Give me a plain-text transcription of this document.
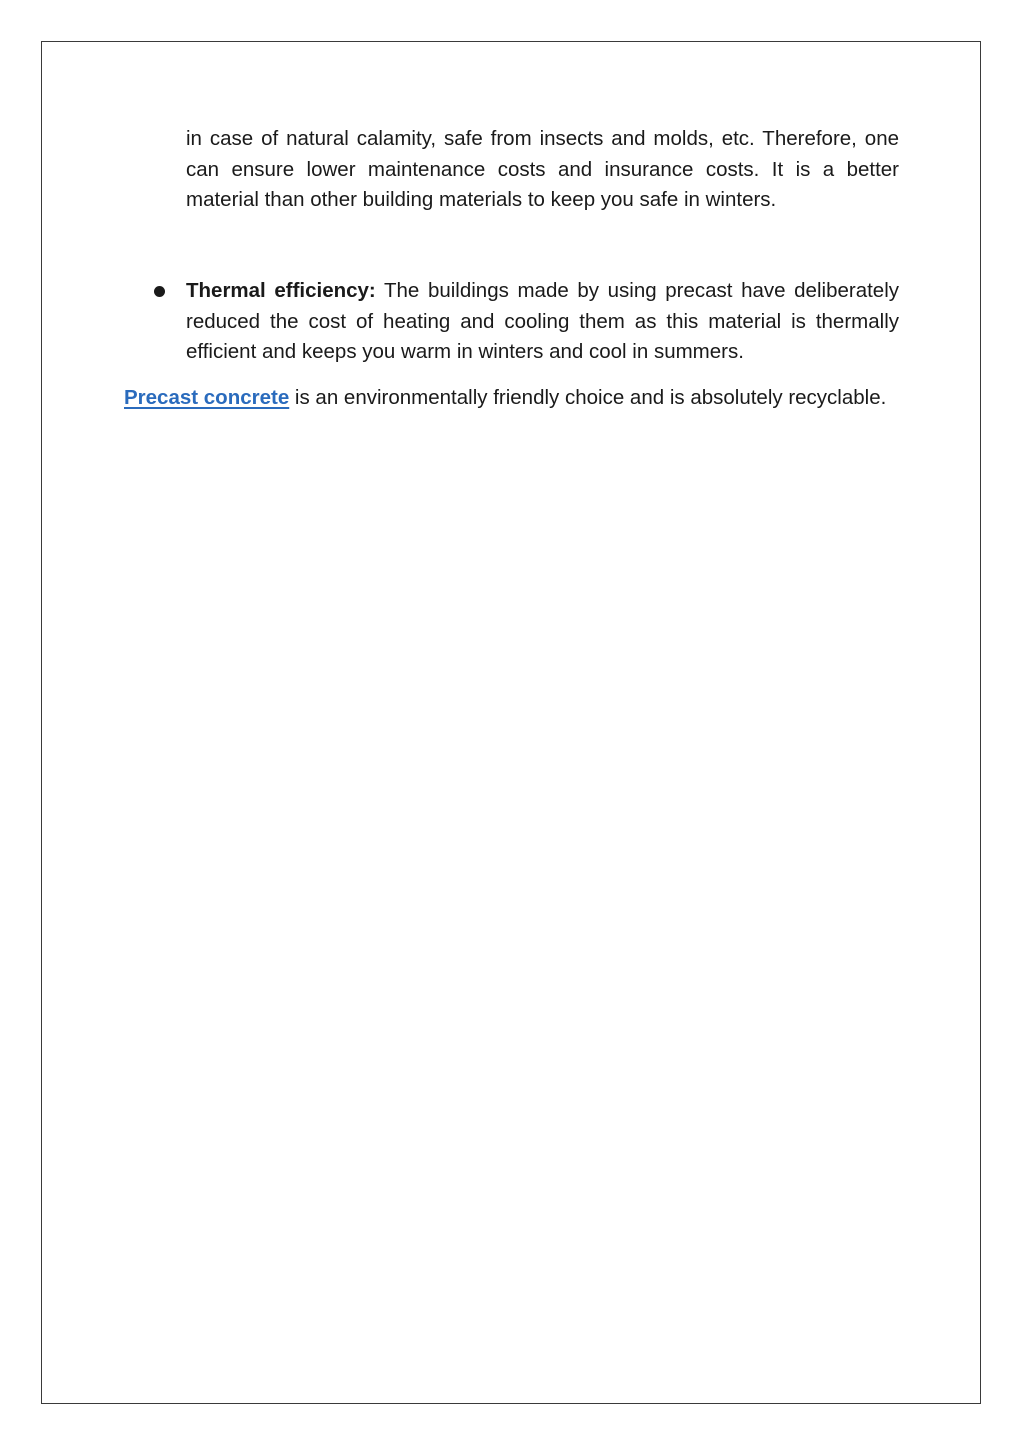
in case of natural calamity, safe from insects and molds, etc. Therefore, one can ensure lower maintenance costs and insurance costs. It is a better material than other building materials to keep you safe in winters.

Thermal efficiency: The buildings made by using precast have deliberately reduced the cost of heating and cooling them as this material is thermally efficient and keeps you warm in winters and cool in summers.

Precast concrete is an environmentally friendly choice and is absolutely recyclable.
